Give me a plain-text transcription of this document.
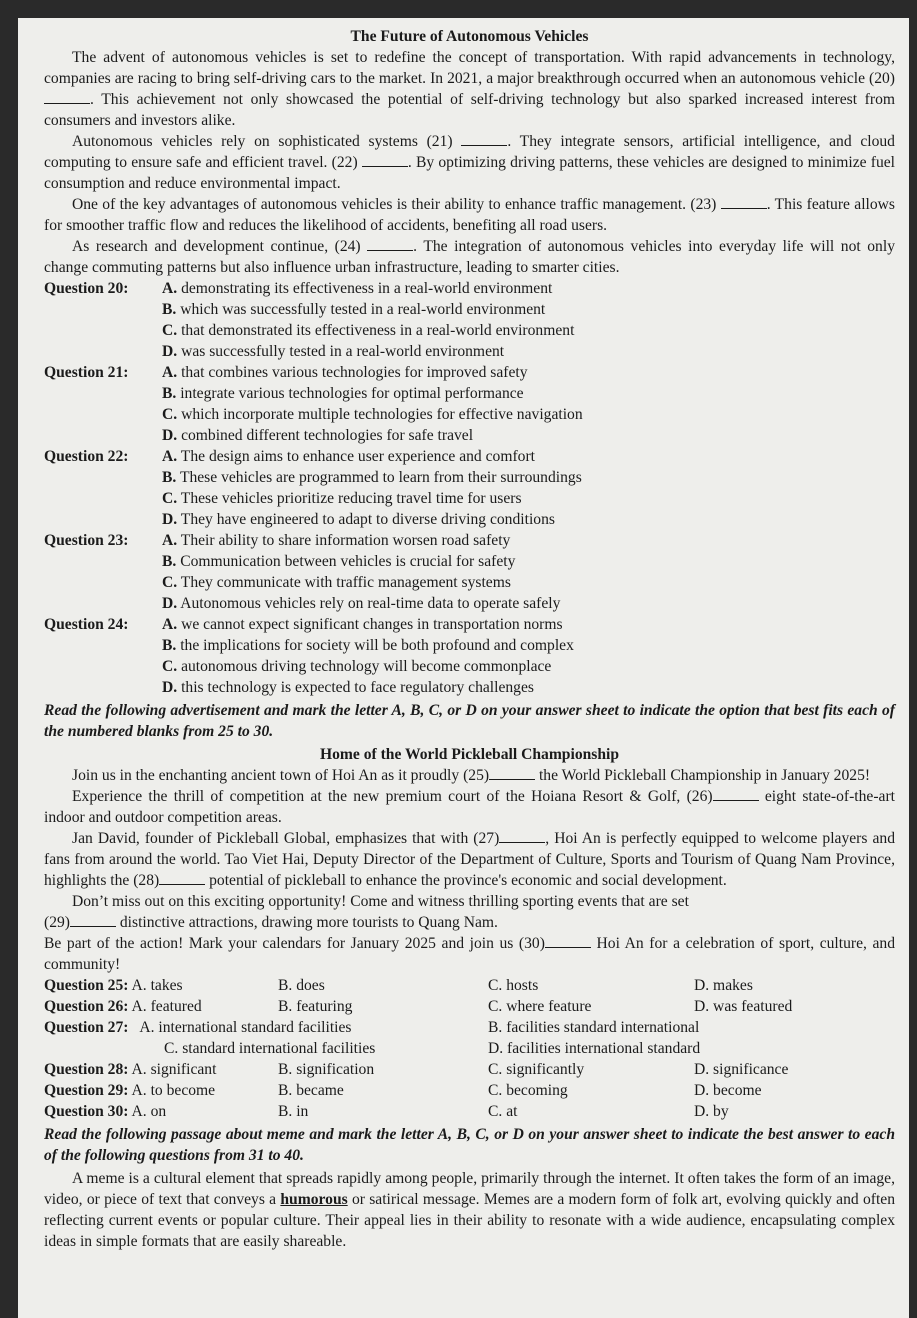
The Future of Autonomous Vehicles

The advent of autonomous vehicles is set to redefine the concept of transportation. With rapid advancements in technology, companies are racing to bring self-driving cars to the market. In 2021, a major breakthrough occurred when an autonomous vehicle (20) . This achievement not only showcased the potential of self-driving technology but also sparked increased interest from consumers and investors alike.

Autonomous vehicles rely on sophisticated systems (21)	. They integrate sensors, artificial intelligence, and cloud computing to ensure safe and efficient travel. (22)	. By optimizing driving patterns, these vehicles are designed to minimize fuel consumption and reduce environmental impact.

One of the key advantages of autonomous vehicles is their ability to enhance traffic management. (23)	. This feature allows for smoother traffic flow and reduces the likelihood of accidents, benefiting all road users.

As research and development continue, (24)	. The integration of autonomous vehicles into everyday life will not only change commuting patterns but also influence urban infrastructure, leading to smarter cities.

Question 20:	A. demonstrating its effectiveness in a real-world environment
B. which was successfully tested in a real-world environment
C. that demonstrated its effectiveness in a real-world environment
D. was successfully tested in a real-world environment
Question 21:	A. that combines various technologies for improved safety
B. integrate various technologies for optimal performance
C. which incorporate multiple technologies for effective navigation
D. combined different technologies for safe travel
Question 22:	A. The design aims to enhance user experience and comfort
B. These vehicles are programmed to learn from their surroundings
C. These vehicles prioritize reducing travel time for users
D. They have engineered to adapt to diverse driving conditions
Question 23:	A. Their ability to share information worsen road safety
B. Communication between vehicles is crucial for safety
C. They communicate with traffic management systems
D. Autonomous vehicles rely on real-time data to operate safely
Question 24:	A. we cannot expect significant changes in transportation norms
B. the implications for society will be both profound and complex
C. autonomous driving technology will become commonplace
D. this technology is expected to face regulatory challenges

Read the following advertisement and mark the letter A, B, C, or D on your answer sheet to indicate the option that best fits each of the numbered blanks from 25 to 30.

Home of the World Pickleball Championship

Join us in the enchanting ancient town of Hoi An as it proudly (25)	the World Pickleball Championship in January 2025!

Experience the thrill of competition at the new premium court of the Hoiana Resort & Golf, (26)	eight state-of-the-art indoor and outdoor competition areas.

Jan David, founder of Pickleball Global, emphasizes that with (27)	, Hoi An is perfectly equipped to welcome players and fans from around the world. Tao Viet Hai, Deputy Director of the Department of Culture, Sports and Tourism of Quang Nam Province, highlights the (28)	potential of pickleball to enhance the province's economic and social development.

Don’t miss out on this exciting opportunity! Come and witness thrilling sporting events that are set

(29)	distinctive attractions, drawing more tourists to Quang Nam.

Be part of the action! Mark your calendars for January 2025 and join us (30)	Hoi An for a celebration of sport, culture, and community!

Question 25: A. takes	B. does	C. hosts	D. makes
Question 26: A. featured	B. featuring	C. where feature	D. was featured
Question 27: A. international standard facilities	B. facilities standard international
C. standard international facilities	D. facilities international standard
Question 28: A. significant	B. signification	C. significantly	D. significance
Question 29: A. to become	B. became	C. becoming	D. become
Question 30: A. on	B. in	C. at	D. by

Read the following passage about meme and mark the letter A, B, C, or D on your answer sheet to indicate the best answer to each of the following questions from 31 to 40.

A meme is a cultural element that spreads rapidly among people, primarily through the internet. It often takes the form of an image, video, or piece of text that conveys a humorous or satirical message. Memes are a modern form of folk art, evolving quickly and often reflecting current events or popular culture. Their appeal lies in their ability to resonate with a wide audience, encapsulating complex ideas in simple formats that are easily shareable.
